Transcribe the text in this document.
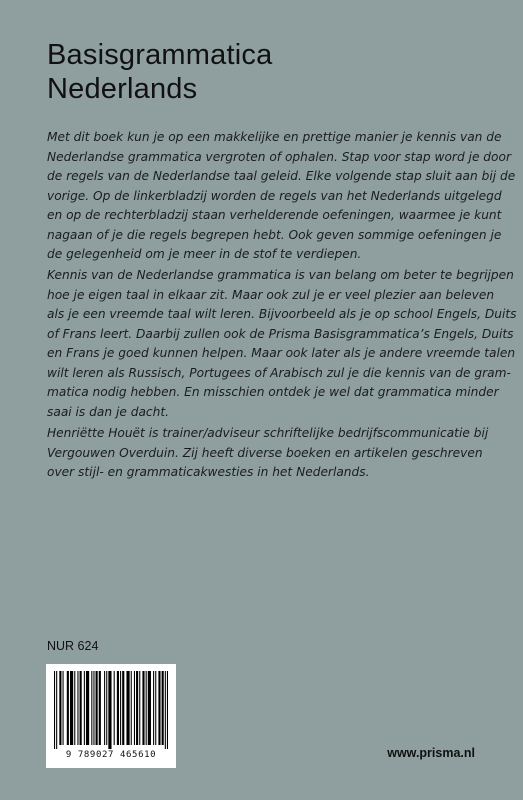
Basisgrammatica
Nederlands
Met dit boek kun je op een makkelijke en prettige manier je kennis van de
Nederlandse grammatica vergroten of ophalen. Stap voor stap word je door
de regels van de Nederlandse taal geleid. Elke volgende stap sluit aan bij de
vorige. Op de linkerbladzij worden de regels van het Nederlands uitgelegd
en op de rechterbladzij staan verhelderende oefeningen, waarmee je kunt
nagaan of je die regels begrepen hebt. Ook geven sommige oefeningen je
de gelegenheid om je meer in de stof te verdiepen.
Kennis van de Nederlandse grammatica is van belang om beter te begrijpen
hoe je eigen taal in elkaar zit. Maar ook zul je er veel plezier aan beleven
als je een vreemde taal wilt leren. Bijvoorbeeld als je op school Engels, Duits
of Frans leert. Daarbij zullen ook de Prisma Basisgrammatica’s Engels, Duits
en Frans je goed kunnen helpen. Maar ook later als je andere vreemde talen
wilt leren als Russisch, Portugees of Arabisch zul je die kennis van de gram-
matica nodig hebben. En misschien ontdek je wel dat grammatica minder
saai is dan je dacht.
Henriëtte Houët is trainer/adviseur schriftelijke bedrijfscommunicatie bij
Vergouwen Overduin. Zij heeft diverse boeken en artikelen geschreven
over stijl- en grammaticakwesties in het Nederlands.
NUR 624
9 789027 465610	www.prisma.nl
